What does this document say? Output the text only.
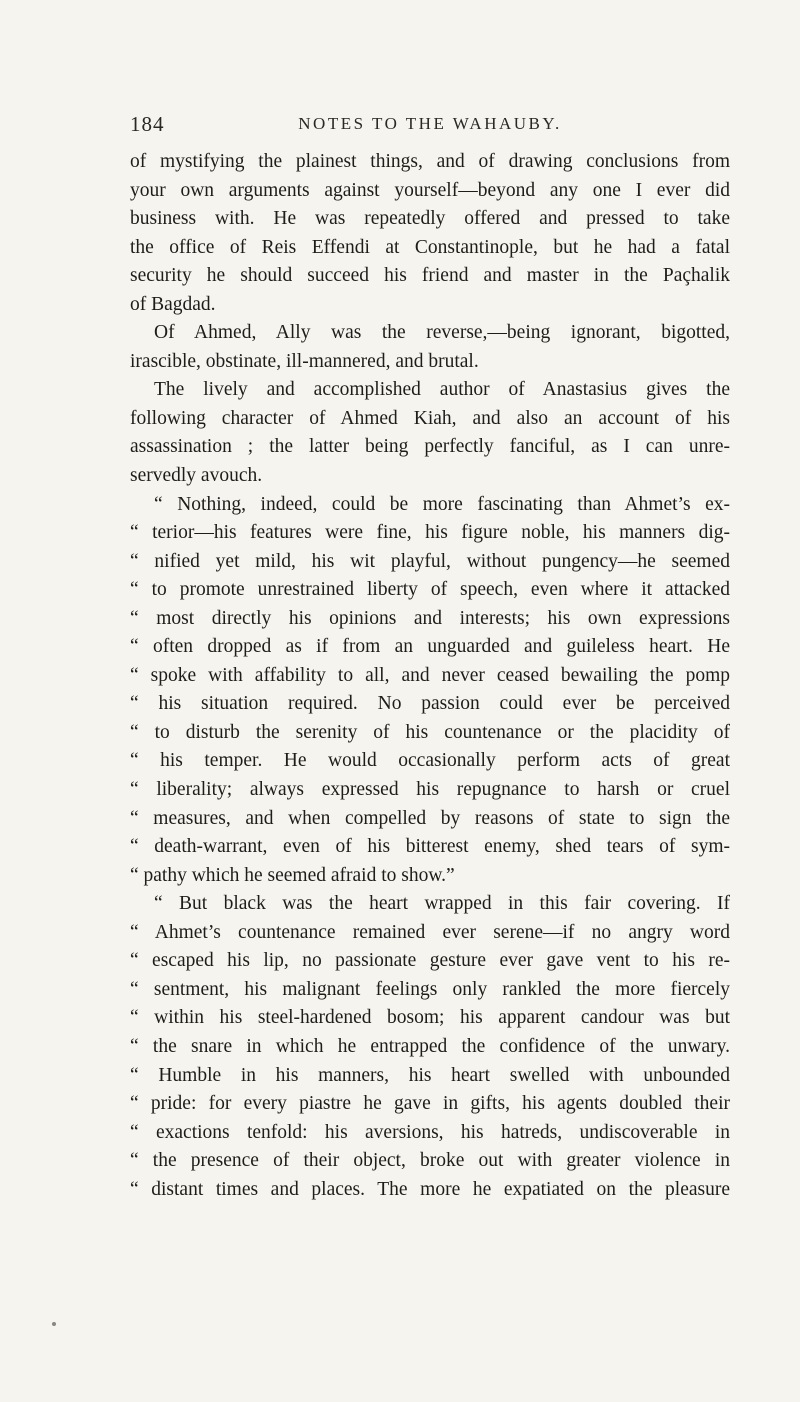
184	NOTES TO THE WAHAUBY.
of mystifying the plainest things, and of drawing conclusions from
your own arguments against yourself—beyond any one I ever did
business with. He was repeatedly offered and pressed to take
the office of Reis Effendi at Constantinople, but he had a fatal
security he should succeed his friend and master in the Paçhalik
of Bagdad.
Of Ahmed, Ally was the reverse,—being ignorant, bigotted,
irascible, obstinate, ill-mannered, and brutal.
The lively and accomplished author of Anastasius gives the
following character of Ahmed Kiah, and also an account of his
assassination ; the latter being perfectly fanciful, as I can unre-
servedly avouch.
“ Nothing, indeed, could be more fascinating than Ahmet’s ex-
“ terior—his features were fine, his figure noble, his manners dig-
“ nified yet mild, his wit playful, without pungency—he seemed
“ to promote unrestrained liberty of speech, even where it attacked
“ most directly his opinions and interests; his own expressions
“ often dropped as if from an unguarded and guileless heart. He
“ spoke with affability to all, and never ceased bewailing the pomp
“ his situation required. No passion could ever be perceived
“ to disturb the serenity of his countenance or the placidity of
“ his temper. He would occasionally perform acts of great
“ liberality; always expressed his repugnance to harsh or cruel
“ measures, and when compelled by reasons of state to sign the
“ death-warrant, even of his bitterest enemy, shed tears of sym-
“ pathy which he seemed afraid to show.”
“ But black was the heart wrapped in this fair covering. If
“ Ahmet’s countenance remained ever serene—if no angry word
“ escaped his lip, no passionate gesture ever gave vent to his re-
“ sentment, his malignant feelings only rankled the more fiercely
“ within his steel-hardened bosom; his apparent candour was but
“ the snare in which he entrapped the confidence of the unwary.
“ Humble in his manners, his heart swelled with unbounded
“ pride: for every piastre he gave in gifts, his agents doubled their
“ exactions tenfold: his aversions, his hatreds, undiscoverable in
“ the presence of their object, broke out with greater violence in
“ distant times and places. The more he expatiated on the pleasure
